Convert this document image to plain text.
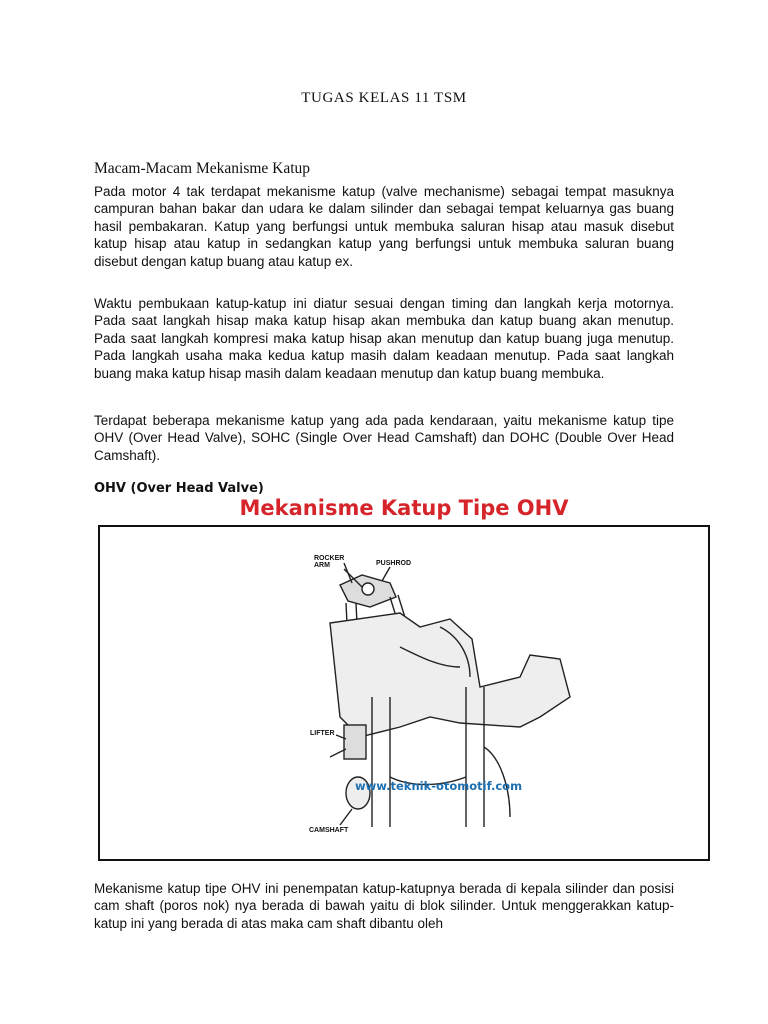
TUGAS KELAS 11 TSM
Macam-Macam Mekanisme Katup

Pada motor 4 tak terdapat mekanisme katup (valve mechanisme) sebagai tempat masuknya campuran bahan bakar dan udara ke dalam silinder dan sebagai tempat keluarnya gas buang hasil pembakaran. Katup yang berfungsi untuk membuka saluran hisap atau masuk disebut katup hisap atau katup in sedangkan katup yang berfungsi untuk membuka saluran buang disebut dengan katup buang atau katup ex.

Waktu pembukaan katup-katup ini diatur sesuai dengan timing dan langkah kerja motornya. Pada saat langkah hisap maka katup hisap akan membuka dan katup buang akan menutup. Pada saat langkah kompresi maka katup hisap akan menutup dan katup buang juga menutup. Pada langkah usaha maka kedua katup masih dalam keadaan menutup. Pada saat langkah buang maka katup hisap masih dalam keadaan menutup dan katup buang membuka.

Terdapat beberapa mekanisme katup yang ada pada kendaraan, yaitu mekanisme katup tipe OHV (Over Head Valve), SOHC (Single Over Head Camshaft) dan DOHC (Double Over Head Camshaft).

OHV (Over Head Valve)
Mekanisme Katup Tipe OHV
ROCKER ARM	PUSHROD
LIFTER
CAMSHAFT
www.teknik-otomotif.com

Mekanisme katup tipe OHV ini penempatan katup-katupnya berada di kepala silinder dan posisi cam shaft (poros nok) nya berada di bawah yaitu di blok silinder. Untuk menggerakkan katup-katup ini yang berada di atas maka cam shaft dibantu oleh
